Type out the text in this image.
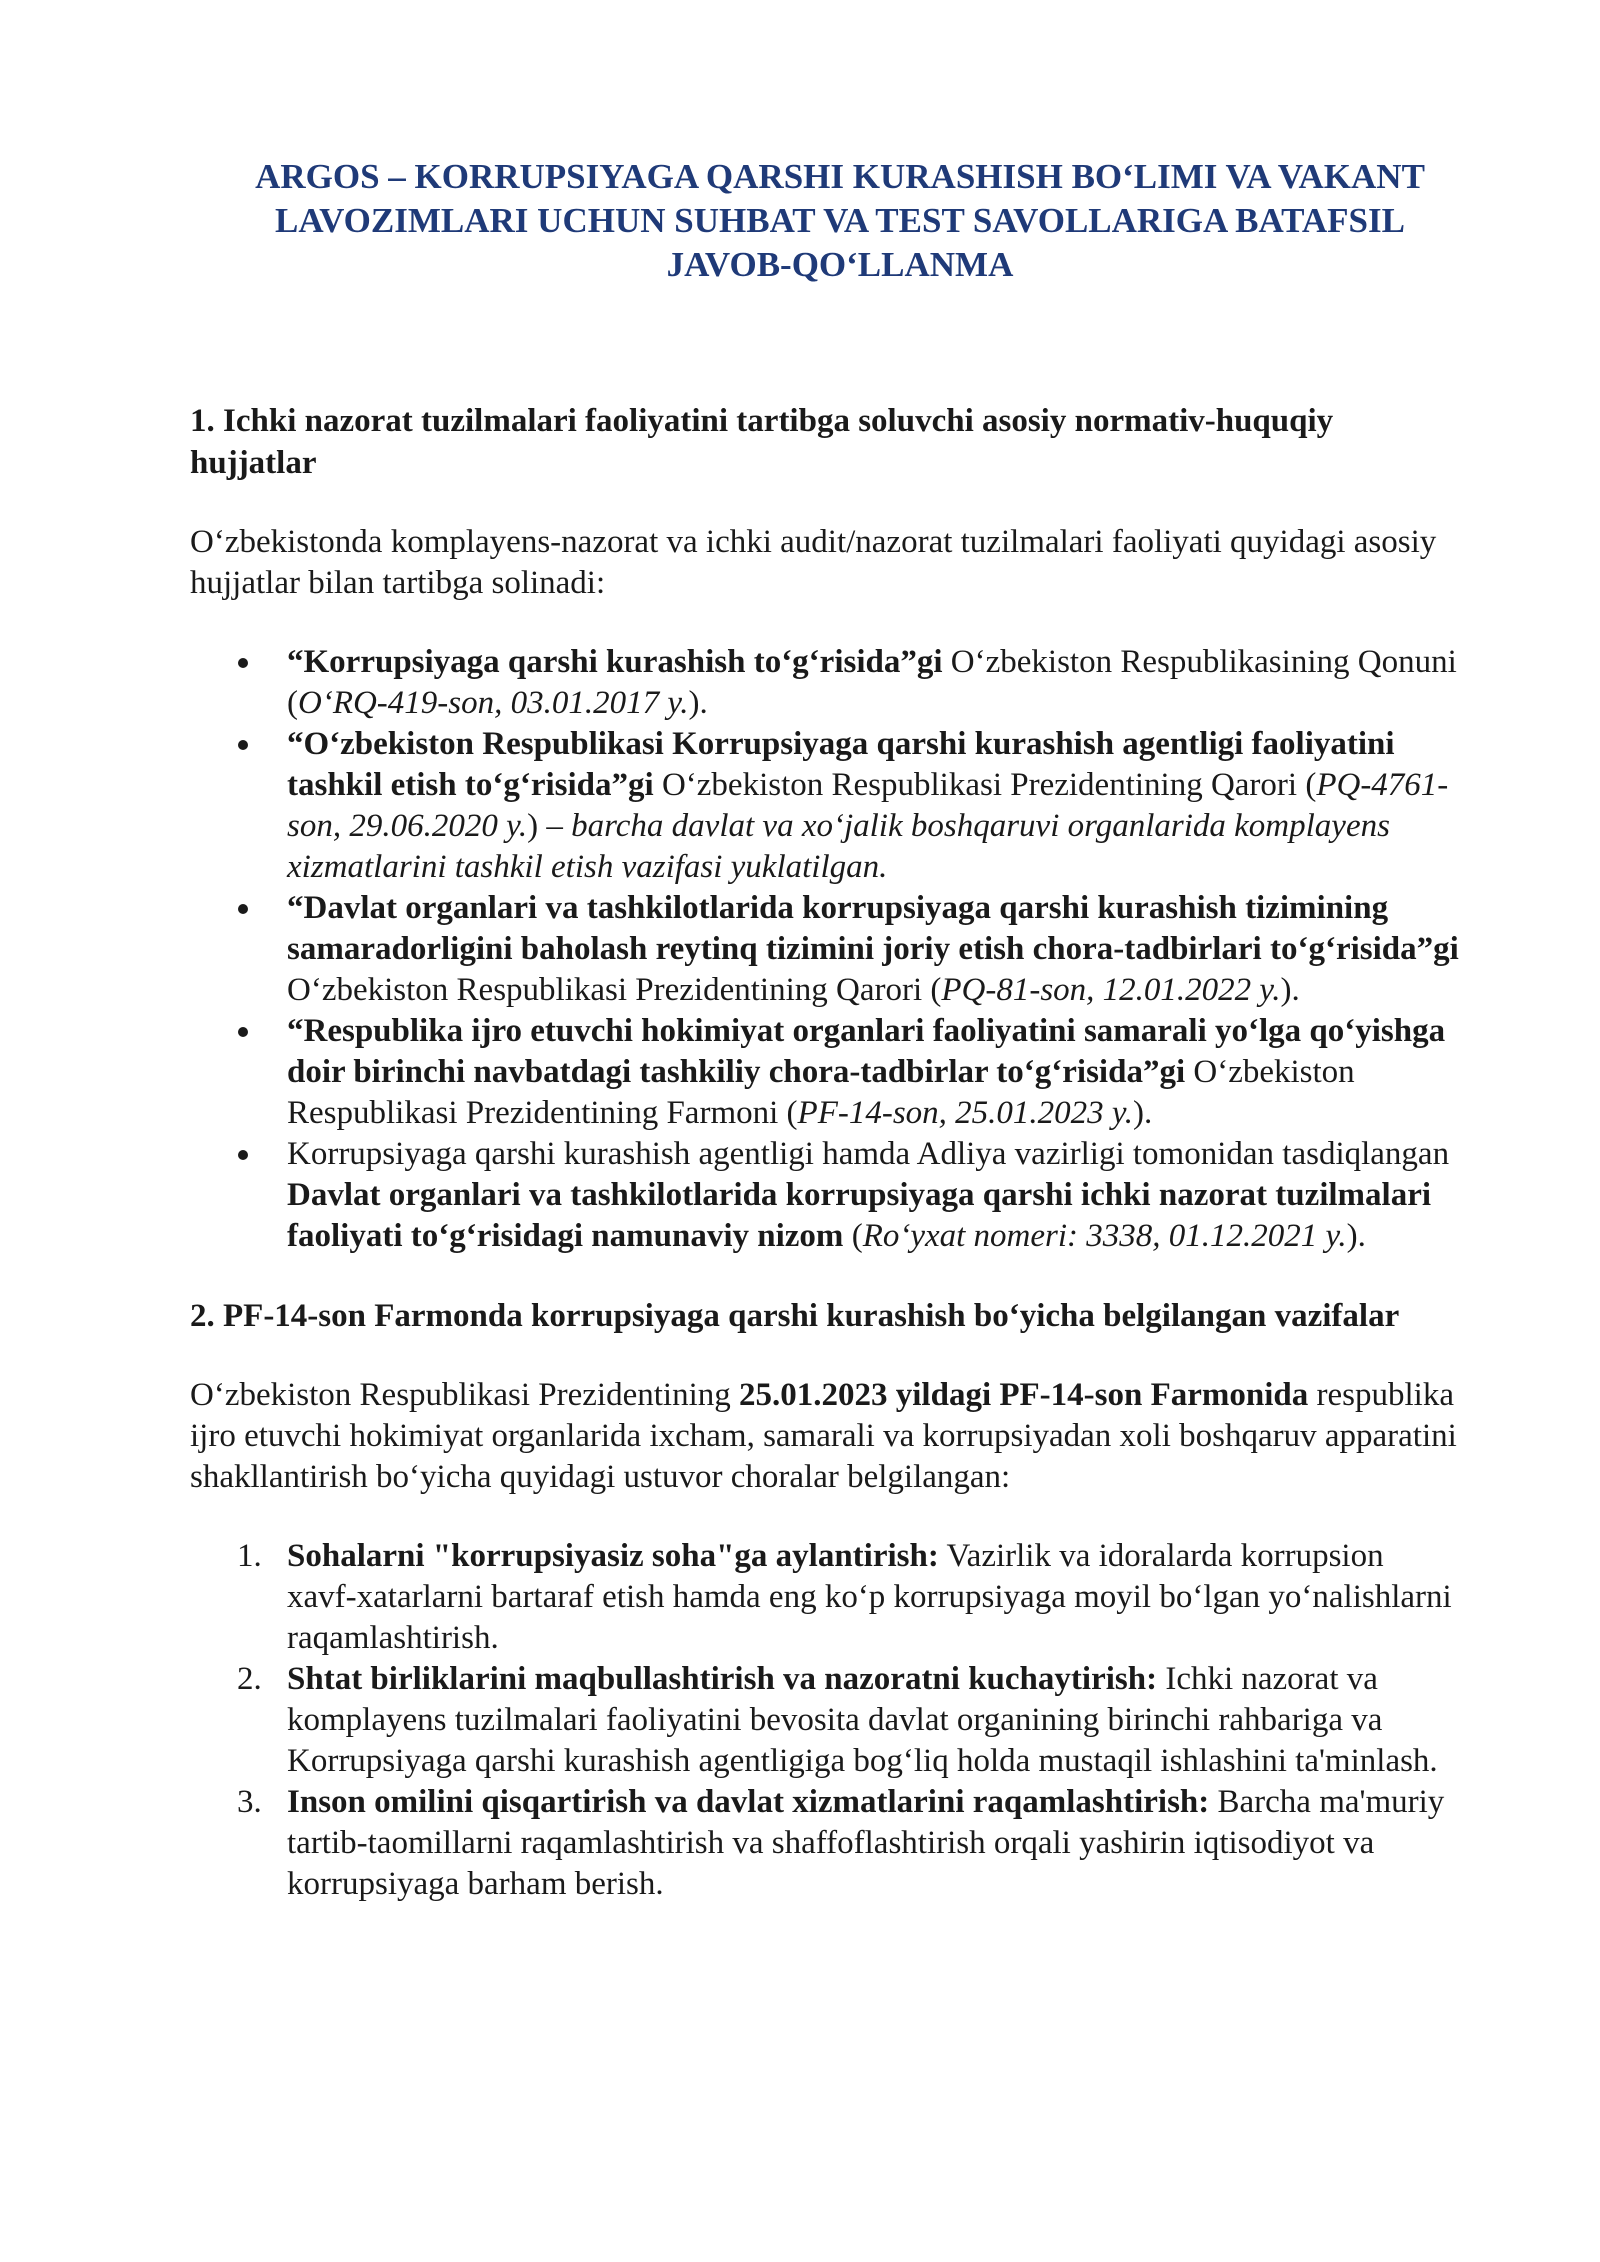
ARGOS – KORRUPSIYAGA QARSHI KURASHISH BO‘LIMI VA VAKANT
LAVOZIMLARI UCHUN SUHBAT VA TEST SAVOLLARIGA BATAFSIL
JAVOB-QO‘LLANMA
1. Ichki nazorat tuzilmalari faoliyatini tartibga soluvchi asosiy normativ-huquqiy hujjatlar

O‘zbekistonda komplayens-nazorat va ichki audit/nazorat tuzilmalari faoliyati quyidagi asosiy hujjatlar bilan tartibga solinadi:

“Korrupsiyaga qarshi kurashish to‘g‘risida”gi O‘zbekiston Respublikasining Qonuni (O‘RQ-419-son, 03.01.2017 y.).
“O‘zbekiston Respublikasi Korrupsiyaga qarshi kurashish agentligi faoliyatini tashkil etish to‘g‘risida”gi O‘zbekiston Respublikasi Prezidentining Qarori (PQ-4761-son, 29.06.2020 y.) – barcha davlat va xo‘jalik boshqaruvi organlarida komplayens xizmatlarini tashkil etish vazifasi yuklatilgan.
“Davlat organlari va tashkilotlarida korrupsiyaga qarshi kurashish tizimining samaradorligini baholash reytinq tizimini joriy etish chora-tadbirlari to‘g‘risida”gi O‘zbekiston Respublikasi Prezidentining Qarori (PQ-81-son, 12.01.2022 y.).
“Respublika ijro etuvchi hokimiyat organlari faoliyatini samarali yo‘lga qo‘yishga doir birinchi navbatdagi tashkiliy chora-tadbirlar to‘g‘risida”gi O‘zbekiston Respublikasi Prezidentining Farmoni (PF-14-son, 25.01.2023 y.).
Korrupsiyaga qarshi kurashish agentligi hamda Adliya vazirligi tomonidan tasdiqlangan Davlat organlari va tashkilotlarida korrupsiyaga qarshi ichki nazorat tuzilmalari faoliyati to‘g‘risidagi namunaviy nizom (Ro‘yxat nomeri: 3338, 01.12.2021 y.).
2. PF-14-son Farmonda korrupsiyaga qarshi kurashish bo‘yicha belgilangan vazifalar

O‘zbekiston Respublikasi Prezidentining 25.01.2023 yildagi PF-14-son Farmonida respublika ijro etuvchi hokimiyat organlarida ixcham, samarali va korrupsiyadan xoli boshqaruv apparatini shakllantirish bo‘yicha quyidagi ustuvor choralar belgilangan:

1. Sohalarni "korrupsiyasiz soha"ga aylantirish: Vazirlik va idoralarda korrupsion xavf-xatarlarni bartaraf etish hamda eng ko‘p korrupsiyaga moyil bo‘lgan yo‘nalishlarni raqamlashtirish.
2. Shtat birliklarini maqbullashtirish va nazoratni kuchaytirish: Ichki nazorat va komplayens tuzilmalari faoliyatini bevosita davlat organining birinchi rahbariga va Korrupsiyaga qarshi kurashish agentligiga bog‘liq holda mustaqil ishlashini ta'minlash.
3. Inson omilini qisqartirish va davlat xizmatlarini raqamlashtirish: Barcha ma'muriy tartib-taomillarni raqamlashtirish va shaffoflashtirish orqali yashirin iqtisodiyot va korrupsiyaga barham berish.
